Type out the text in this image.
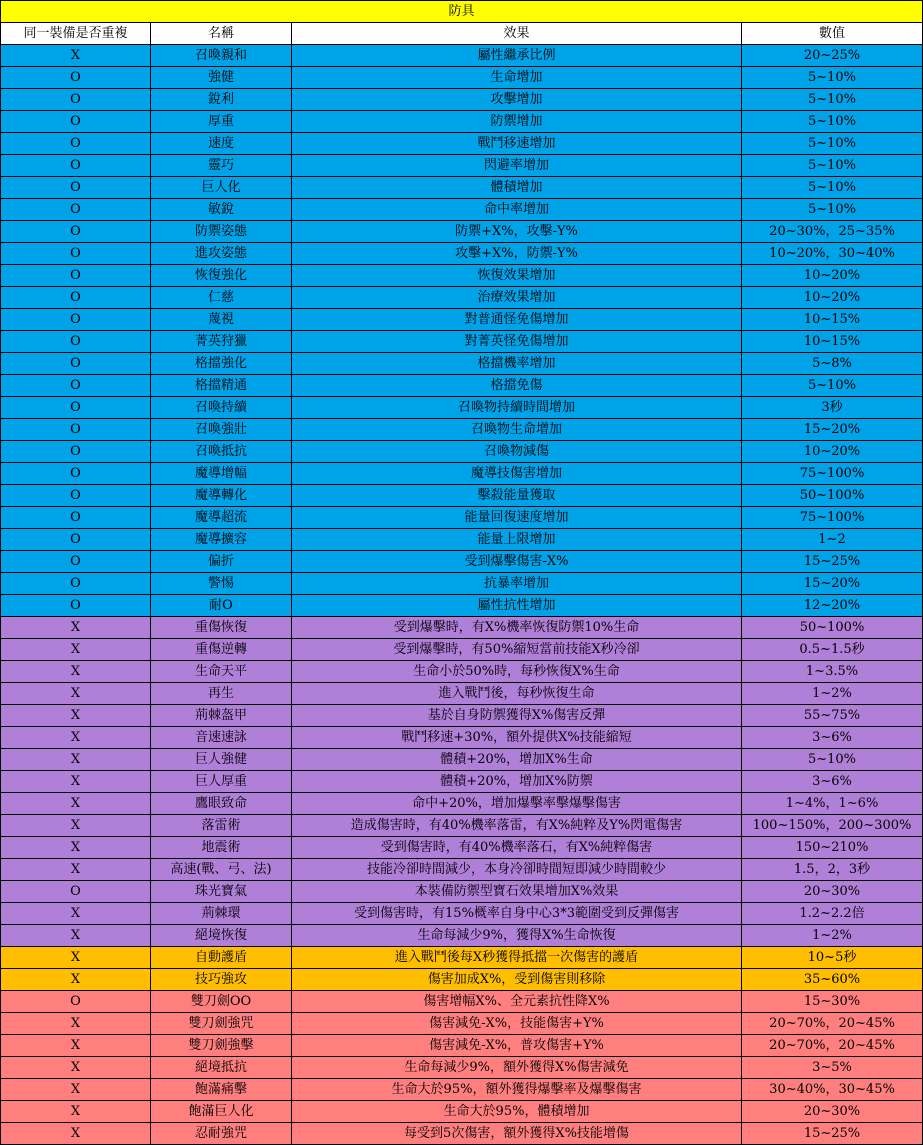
防具			
同一裝備是否重複	名稱	效果	數值
X	召喚親和	屬性繼承比例	20~25%
O	強健	生命增加	5~10%
O	銳利	攻擊增加	5~10%
O	厚重	防禦增加	5~10%
O	速度	戰鬥移速增加	5~10%
O	靈巧	閃避率增加	5~10%
O	巨人化	體積增加	5~10%
O	敏銳	命中率增加	5~10%
O	防禦姿態	防禦+X%，攻擊-Y%	20~30%，25~35%
O	進攻姿態	攻擊+X%，防禦-Y%	10~20%，30~40%
O	恢復強化	恢復效果增加	10~20%
O	仁慈	治療效果增加	10~20%
O	蔑視	對普通怪免傷增加	10~15%
O	菁英狩獵	對菁英怪免傷增加	10~15%
O	格擋強化	格擋機率增加	5~8%
O	格擋精通	格擋免傷	5~10%
O	召喚持續	召喚物持續時間增加	3秒
O	召喚強壯	召喚物生命增加	15~20%
O	召喚抵抗	召喚物減傷	10~20%
O	魔導增幅	魔導技傷害增加	75~100%
O	魔導轉化	擊殺能量獲取	50~100%
O	魔導超流	能量回復速度增加	75~100%
O	魔導擴容	能量上限增加	1~2
O	偏折	受到爆擊傷害-X%	15~25%
O	警惕	抗暴率增加	15~20%
O	耐O	屬性抗性增加	12~20%
X	重傷恢復	受到爆擊時，有X%機率恢復防禦10%生命	50~100%
X	重傷逆轉	受到爆擊時，有50%縮短當前技能X秒冷卻	0.5~1.5秒
X	生命天平	生命小於50%時，每秒恢復X%生命	1~3.5%
X	再生	進入戰鬥後，每秒恢復生命	1~2%
X	荊棘盔甲	基於自身防禦獲得X%傷害反彈	55~75%
X	音速速詠	戰鬥移速+30%，額外提供X%技能縮短	3~6%
X	巨人強健	體積+20%，增加X%生命	5~10%
X	巨人厚重	體積+20%，增加X%防禦	3~6%
X	鷹眼致命	命中+20%，增加爆擊率擊爆擊傷害	1~4%，1~6%
X	落雷術	造成傷害時，有40%機率落雷，有X%純粹及Y%閃電傷害	100~150%，200~300%
X	地震術	受到傷害時，有40%機率落石，有X%純粹傷害	150~210%
X	高速(戰、弓、法)	技能冷卻時間減少，本身冷卻時間短即減少時間較少	1.5，2，3秒
O	珠光寶氣	本裝備防禦型寶石效果增加X%效果	20~30%
X	荊棘環	受到傷害時，有15%概率自身中心3*3範圍受到反彈傷害	1.2~2.2倍
X	絕境恢復	生命每減少9%，獲得X%生命恢復	1~2%
X	自動護盾	進入戰鬥後每X秒獲得抵擋一次傷害的護盾	10~5秒
X	技巧強攻	傷害加成X%，受到傷害則移除	35~60%
O	雙刀劍OO	傷害增幅X%、全元素抗性降X%	15~30%
X	雙刀劍強咒	傷害減免-X%，技能傷害+Y%	20~70%，20~45%
X	雙刀劍強擊	傷害減免-X%，普攻傷害+Y%	20~70%，20~45%
X	絕境抵抗	生命每減少9%，額外獲得X%傷害減免	3~5%
X	飽滿痛擊	生命大於95%，額外獲得爆擊率及爆擊傷害	30~40%，30~45%
X	飽滿巨人化	生命大於95%，體積增加	20~30%
X	忍耐強咒	每受到5次傷害，額外獲得X%技能增傷	15~25%
